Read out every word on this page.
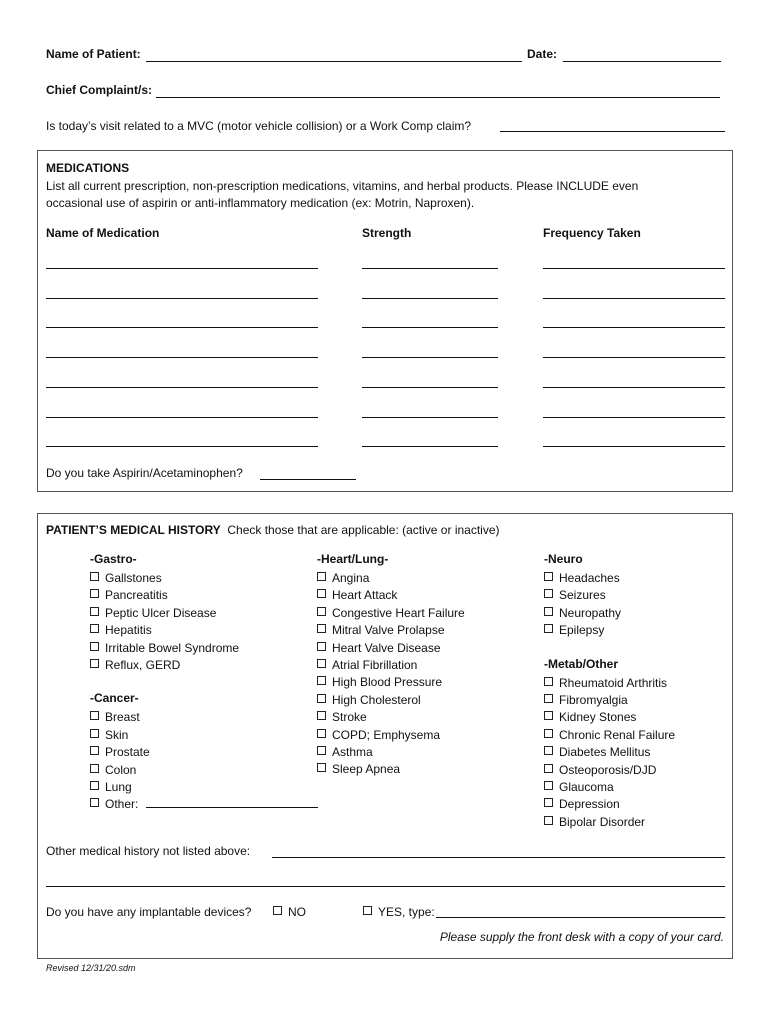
Name of Patient:	Date:
Chief Complaint/s:
Is today’s visit related to a MVC (motor vehicle collision) or a Work Comp claim?
MEDICATIONS
List all current prescription, non-prescription medications, vitamins, and herbal products. Please INCLUDE even
occasional use of aspirin or anti-inflammatory medication (ex: Motrin, Naproxen).
Name of Medication	Strength	Frequency Taken
Do you take Aspirin/Acetaminophen?
PATIENT’S MEDICAL HISTORY Check those that are applicable: (active or inactive)
-Gastro-
Gallstones
Pancreatitis
Peptic Ulcer Disease
Hepatitis
Irritable Bowel Syndrome
Reflux, GERD
-Cancer-
Breast
Skin
Prostate
Colon
Lung
Other:
-Heart/Lung-
Angina
Heart Attack
Congestive Heart Failure
Mitral Valve Prolapse
Heart Valve Disease
Atrial Fibrillation
High Blood Pressure
High Cholesterol
Stroke
COPD; Emphysema
Asthma
Sleep Apnea
-Neuro
Headaches
Seizures
Neuropathy
Epilepsy
-Metab/Other
Rheumatoid Arthritis
Fibromyalgia
Kidney Stones
Chronic Renal Failure
Diabetes Mellitus
Osteoporosis/DJD
Glaucoma
Depression
Bipolar Disorder
Other medical history not listed above:
Do you have any implantable devices?	NO	YES, type:
Please supply the front desk with a copy of your card.
Revised 12/31/20.sdm
